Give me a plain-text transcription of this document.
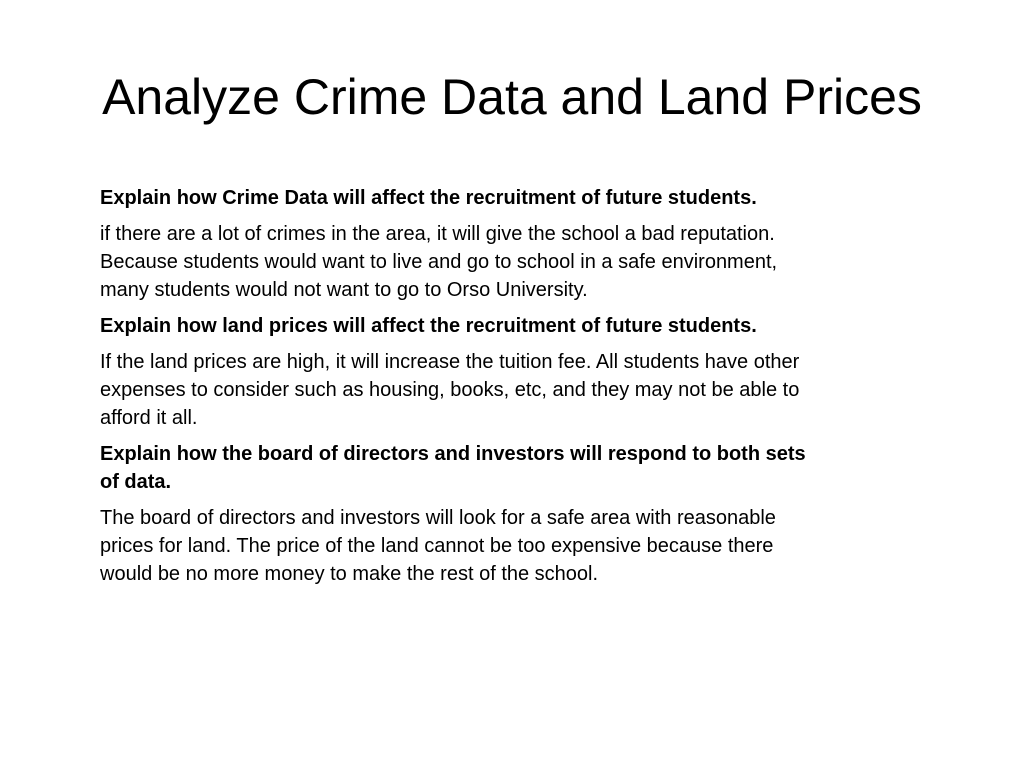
Analyze Crime Data and Land Prices

Explain how Crime Data will affect the recruitment of future students.

if there are a lot of crimes in the area, it will give the school a bad reputation.
Because students would want to live and go to school in a safe environment,
many students would not want to go to Orso University.

Explain how land prices will affect the recruitment of future students.

If the land prices are high, it will increase the tuition fee. All students have other
expenses to consider such as housing, books, etc, and they may not be able to
afford it all.

Explain how the board of directors and investors will respond to both sets
of data.

The board of directors and investors will look for a safe area with reasonable
prices for land. The price of the land cannot be too expensive because there
would be no more money to make the rest of the school.
